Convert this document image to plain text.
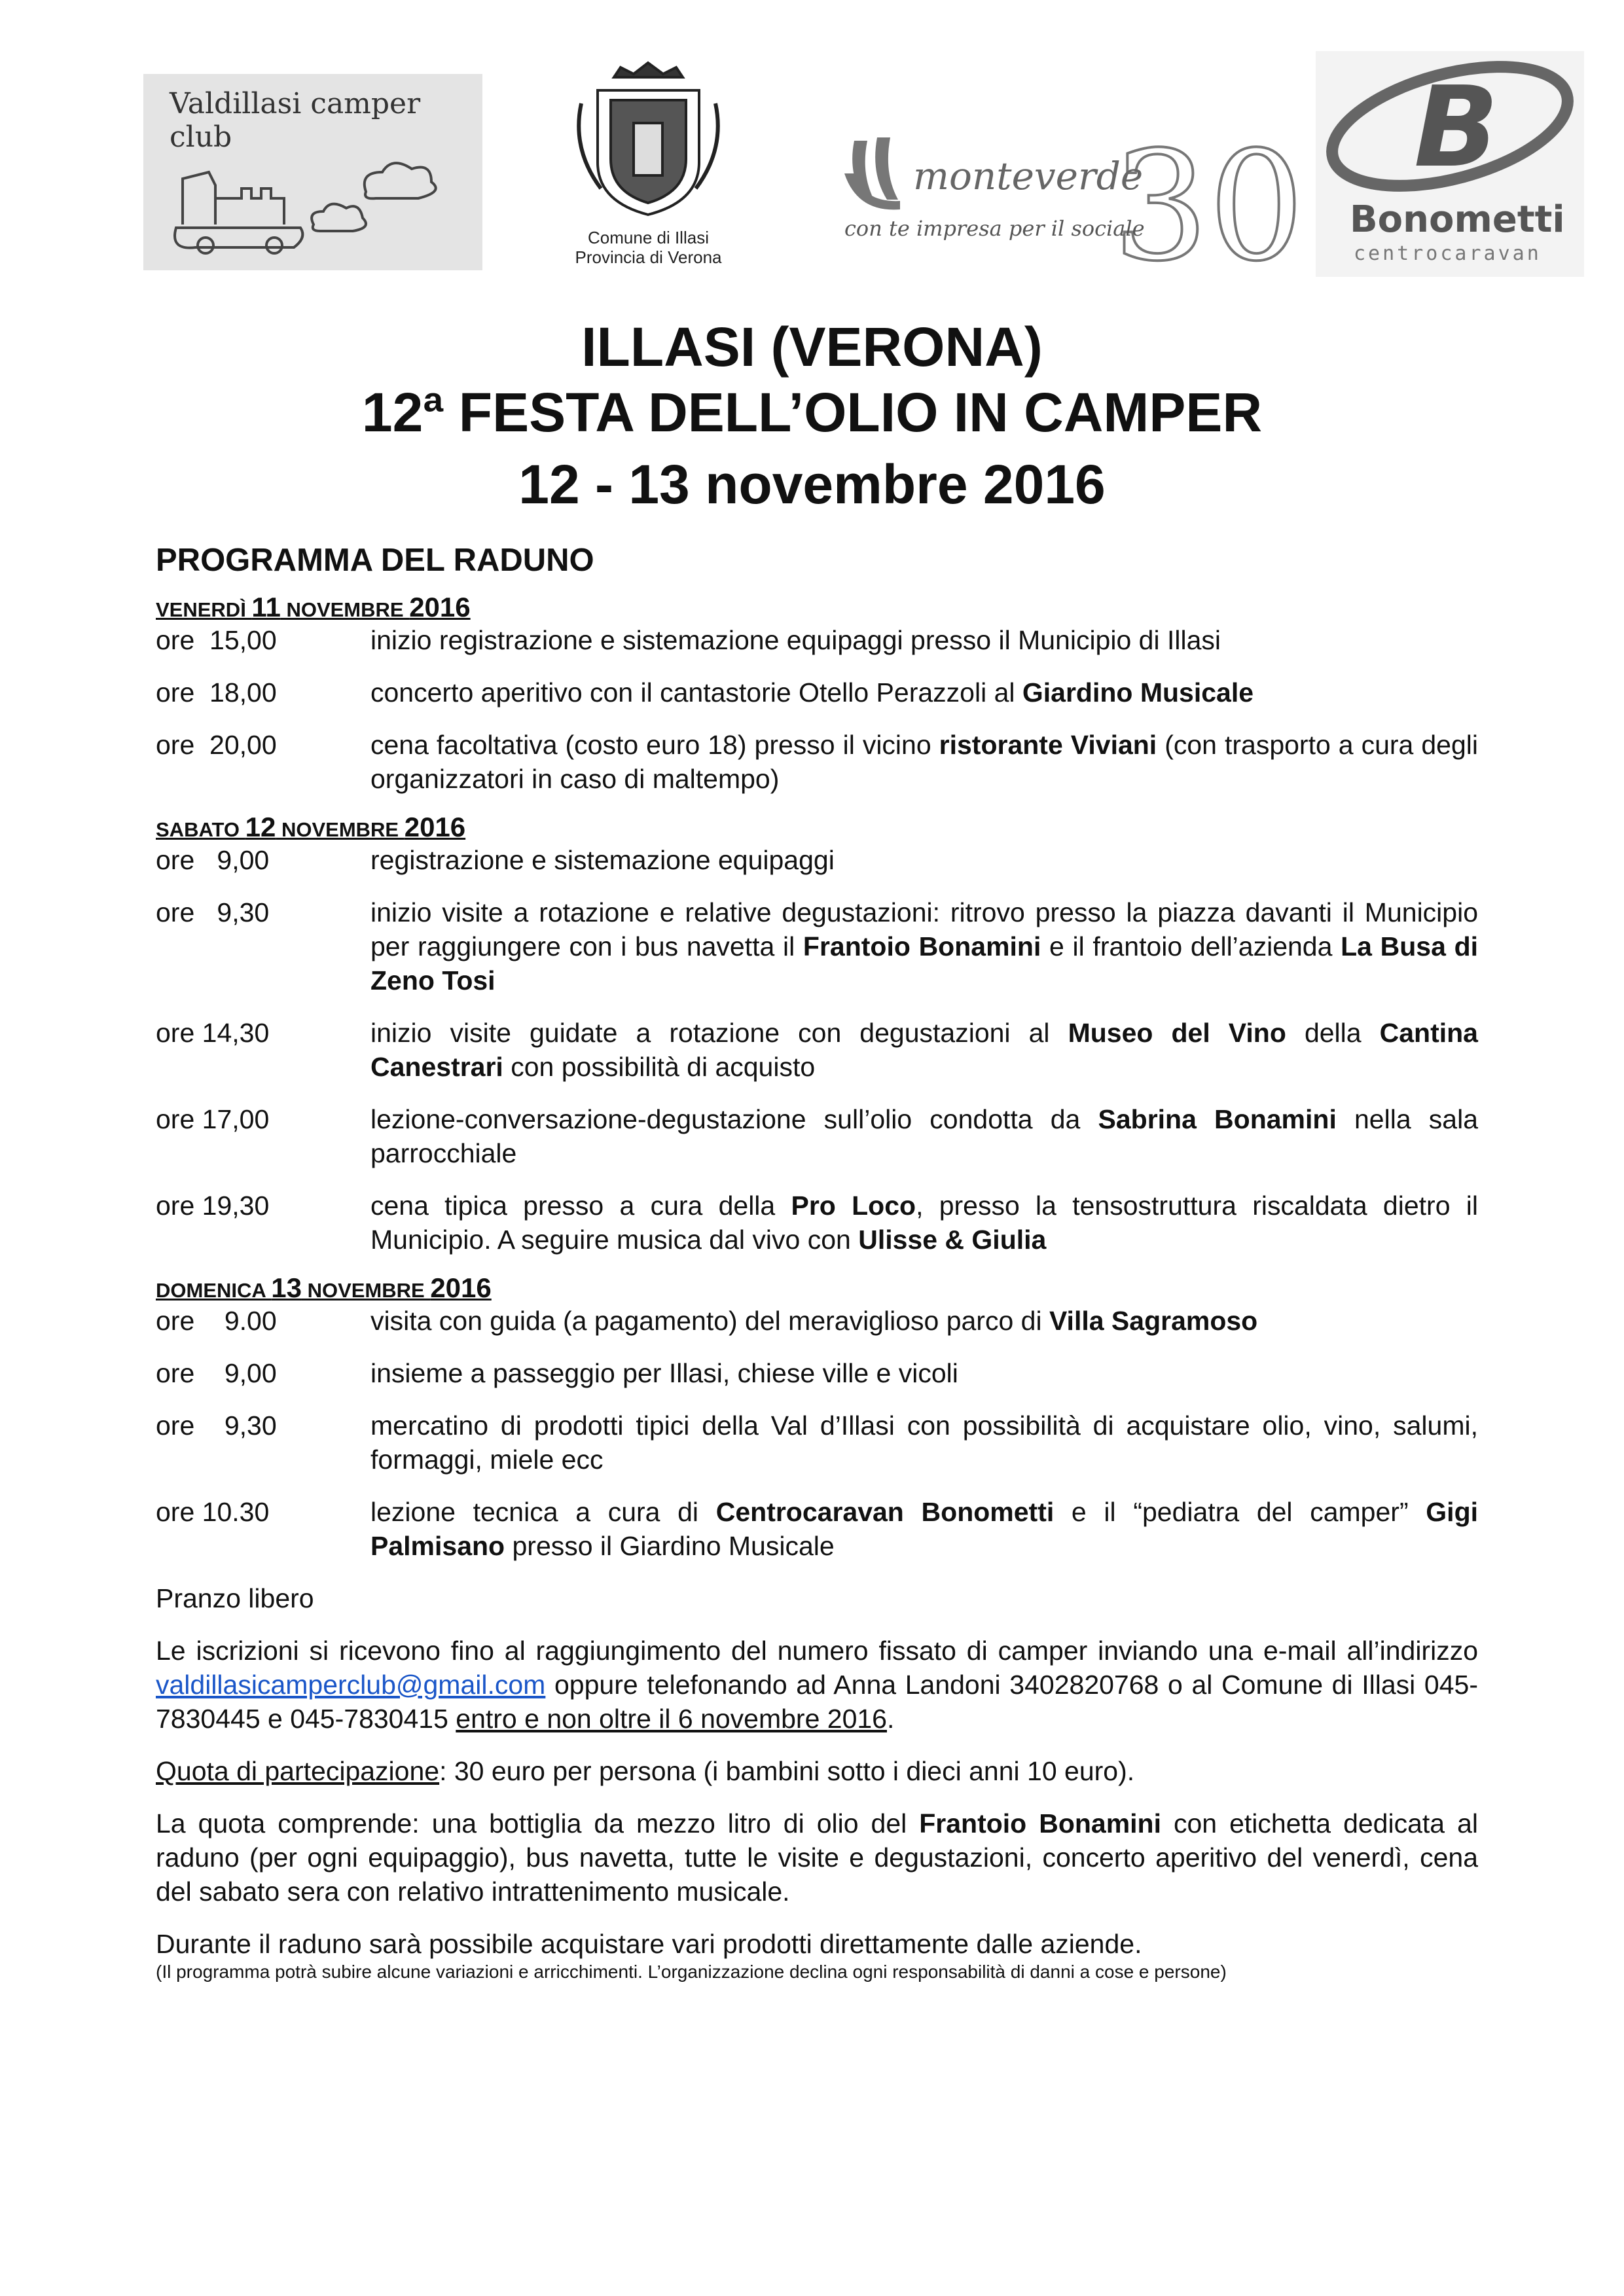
Valdillasi camper club
Comune di Illasi
Provincia di Verona	30
monteverde
con te impresa per il sociale
B
Bonometti
centrocaravan
ILLASI (VERONA)
12ª FESTA DELL’OLIO IN CAMPER
12 - 13 novembre 2016
PROGRAMMA DEL RADUNO
VENERDÌ 11 NOVEMBRE 2016
ore  15,00	inizio registrazione e sistemazione equipaggi presso il Municipio di Illasi
ore  18,00	concerto aperitivo con il cantastorie Otello Perazzoli al Giardino Musicale
ore  20,00	cena facoltativa (costo euro 18) presso il vicino ristorante Viviani (con trasporto a cura degli organizzatori in caso di maltempo)
SABATO 12 NOVEMBRE 2016
ore   9,00	registrazione e sistemazione equipaggi
ore   9,30	inizio visite a rotazione e relative degustazioni: ritrovo presso la piazza davanti il Municipio per raggiungere con i bus navetta il Frantoio Bonamini e il frantoio dell’azienda La Busa di Zeno Tosi
ore 14,30	inizio visite guidate a rotazione con degustazioni al Museo del Vino della Cantina Canestrari con possibilità di acquisto
ore 17,00	lezione-conversazione-degustazione sull’olio condotta da Sabrina Bonamini nella sala parrocchiale
ore 19,30	cena tipica presso a cura della Pro Loco, presso la tensostruttura riscaldata dietro il Municipio. A seguire musica dal vivo con Ulisse & Giulia
DOMENICA 13 NOVEMBRE 2016
ore    9.00	visita con guida (a pagamento) del meraviglioso parco di Villa Sagramoso
ore    9,00	insieme a passeggio per Illasi, chiese ville e vicoli
ore    9,30	mercatino di prodotti tipici della Val d’Illasi con possibilità di acquistare olio, vino, salumi, formaggi, miele ecc
ore 10.30	lezione tecnica a cura di Centrocaravan Bonometti e il “pediatra del camper” Gigi Palmisano presso il Giardino Musicale
Pranzo libero
Le iscrizioni si ricevono fino al raggiungimento del numero fissato di camper inviando una e-mail all’indirizzo valdillasicamperclub@gmail.com oppure telefonando ad Anna Landoni 3402820768 o al Comune di Illasi 045-7830445 e 045-7830415 entro e non oltre il 6 novembre 2016.
Quota di partecipazione: 30 euro per persona (i bambini sotto i dieci anni 10 euro).
La quota comprende: una bottiglia da mezzo litro di olio del Frantoio Bonamini con etichetta dedicata al raduno (per ogni equipaggio), bus navetta, tutte le visite e degustazioni, concerto aperitivo del venerdì, cena del sabato sera con relativo intrattenimento musicale.
Durante il raduno sarà possibile acquistare vari prodotti direttamente dalle aziende.
(Il programma potrà subire alcune variazioni e arricchimenti. L’organizzazione declina ogni responsabilità di danni a cose e persone)
